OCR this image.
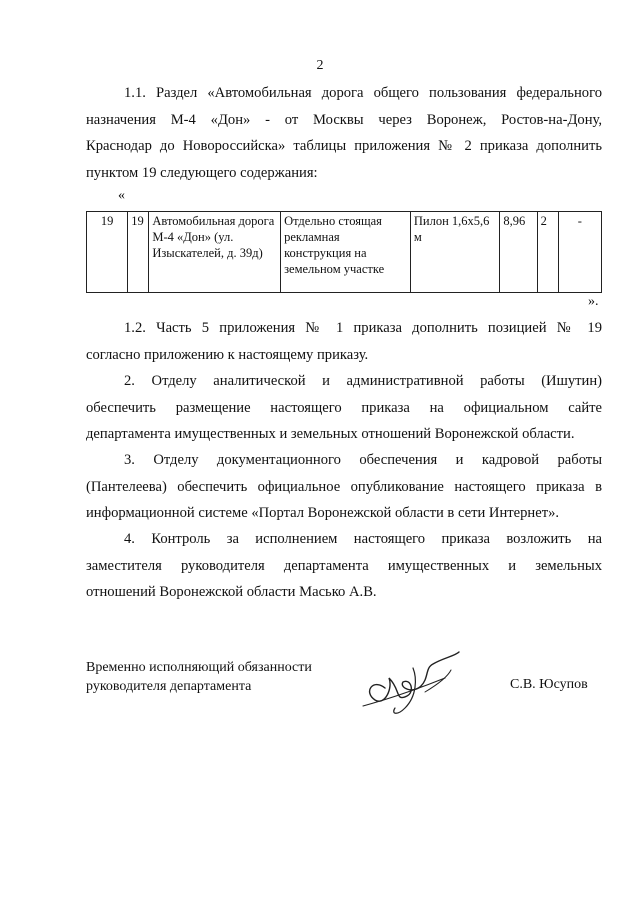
2
1.1. Раздел «Автомобильная дорога общего пользования федерального
назначения М-4 «Дон» - от Москвы через Воронеж, Ростов-на-Дону,
Краснодар до Новороссийска» таблицы приложения № 2 приказа дополнить
пунктом 19 следующего содержания:
«
19	19	Автомобильная дорога М-4 «Дон» (ул. Изыскателей, д. 39д)	Отдельно стоящая рекламная конструкция на земельном участке	Пилон 1,6х5,6 м	8,96	2	-
».
1.2. Часть 5 приложения № 1 приказа дополнить позицией № 19
согласно приложению к настоящему приказу.
2. Отделу аналитической и административной работы (Ишутин)
обеспечить размещение настоящего приказа на официальном сайте
департамента имущественных и земельных отношений Воронежской области.
3. Отделу документационного обеспечения и кадровой работы
(Пантелеева) обеспечить официальное опубликование настоящего приказа в
информационной системе «Портал Воронежской области в сети Интернет».
4. Контроль за исполнением настоящего приказа возложить на
заместителя руководителя департамента имущественных и земельных
отношений Воронежской области Масько А.В.
Временно исполняющий обязанности
руководителя департамента	С.В. Юсупов
